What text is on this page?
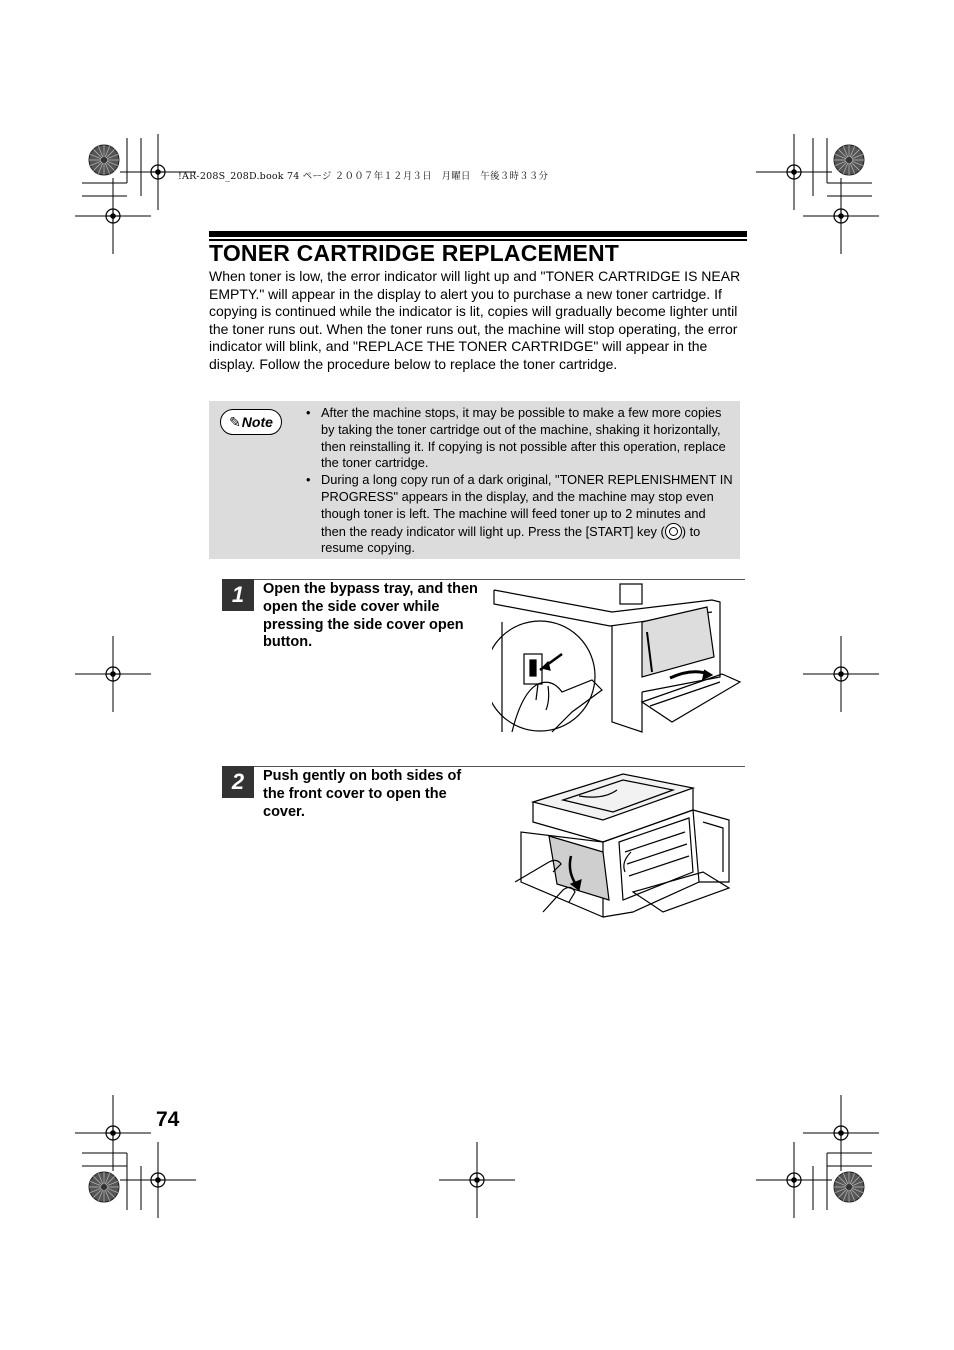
!AR-208S_208D.book 74 ページ ２００７年１２月３日　月曜日　午後３時３３分
TONER CARTRIDGE REPLACEMENT

When toner is low, the error indicator will light up and "TONER CARTRIDGE IS NEAR EMPTY." will appear in the display to alert you to purchase a new toner cartridge. If copying is continued while the indicator is lit, copies will gradually become lighter until the toner runs out. When the toner runs out, the machine will stop operating, the error indicator will blink, and "REPLACE THE TONER CARTRIDGE" will appear in the display. Follow the procedure below to replace the toner cartridge.

✎ Note
• After the machine stops, it may be possible to make a few more copies by taking the toner cartridge out of the machine, shaking it horizontally, then reinstalling it. If copying is not possible after this operation, replace the toner cartridge.
• During a long copy run of a dark original, "TONER REPLENISHMENT IN PROGRESS" appears in the display, and the machine may stop even though toner is left. The machine will feed toner up to 2 minutes and then the ready indicator will light up. Press the [START] key ( ) to resume copying.
1	Open the bypass tray, and then open the side cover while pressing the side cover open button.

2	Push gently on both sides of the front cover to open the cover.

74
